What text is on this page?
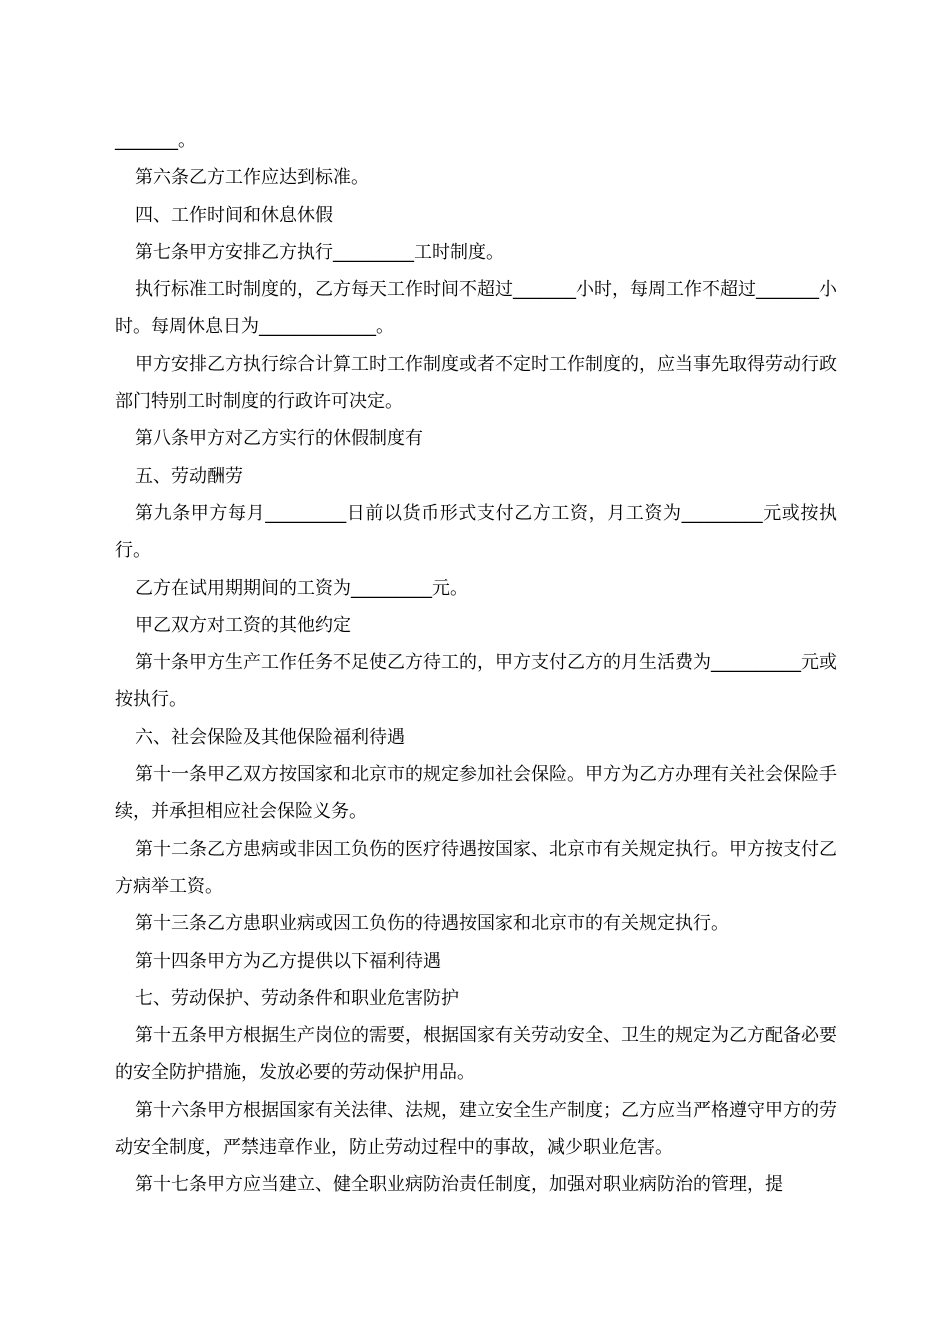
_______。

第六条乙方工作应达到标准。

四、工作时间和休息休假

第七条甲方安排乙方执行_________工时制度。

执行标准工时制度的，乙方每天工作时间不超过_______小时，每周工作不超过_______小时。每周休息日为_____________。

甲方安排乙方执行综合计算工时工作制度或者不定时工作制度的，应当事先取得劳动行政部门特别工时制度的行政许可决定。

第八条甲方对乙方实行的休假制度有

五、劳动酬劳

第九条甲方每月_________日前以货币形式支付乙方工资，月工资为_________元或按执行。

乙方在试用期期间的工资为_________元。

甲乙双方对工资的其他约定

第十条甲方生产工作任务不足使乙方待工的，甲方支付乙方的月生活费为__________元或按执行。

六、社会保险及其他保险福利待遇

第十一条甲乙双方按国家和北京市的规定参加社会保险。甲方为乙方办理有关社会保险手续，并承担相应社会保险义务。

第十二条乙方患病或非因工负伤的医疗待遇按国家、北京市有关规定执行。甲方按支付乙方病举工资。

第十三条乙方患职业病或因工负伤的待遇按国家和北京市的有关规定执行。

第十四条甲方为乙方提供以下福利待遇

七、劳动保护、劳动条件和职业危害防护

第十五条甲方根据生产岗位的需要，根据国家有关劳动安全、卫生的规定为乙方配备必要的安全防护措施，发放必要的劳动保护用品。

第十六条甲方根据国家有关法律、法规，建立安全生产制度；乙方应当严格遵守甲方的劳动安全制度，严禁违章作业，防止劳动过程中的事故，减少职业危害。

第十七条甲方应当建立、健全职业病防治责任制度，加强对职业病防治的管理，提
